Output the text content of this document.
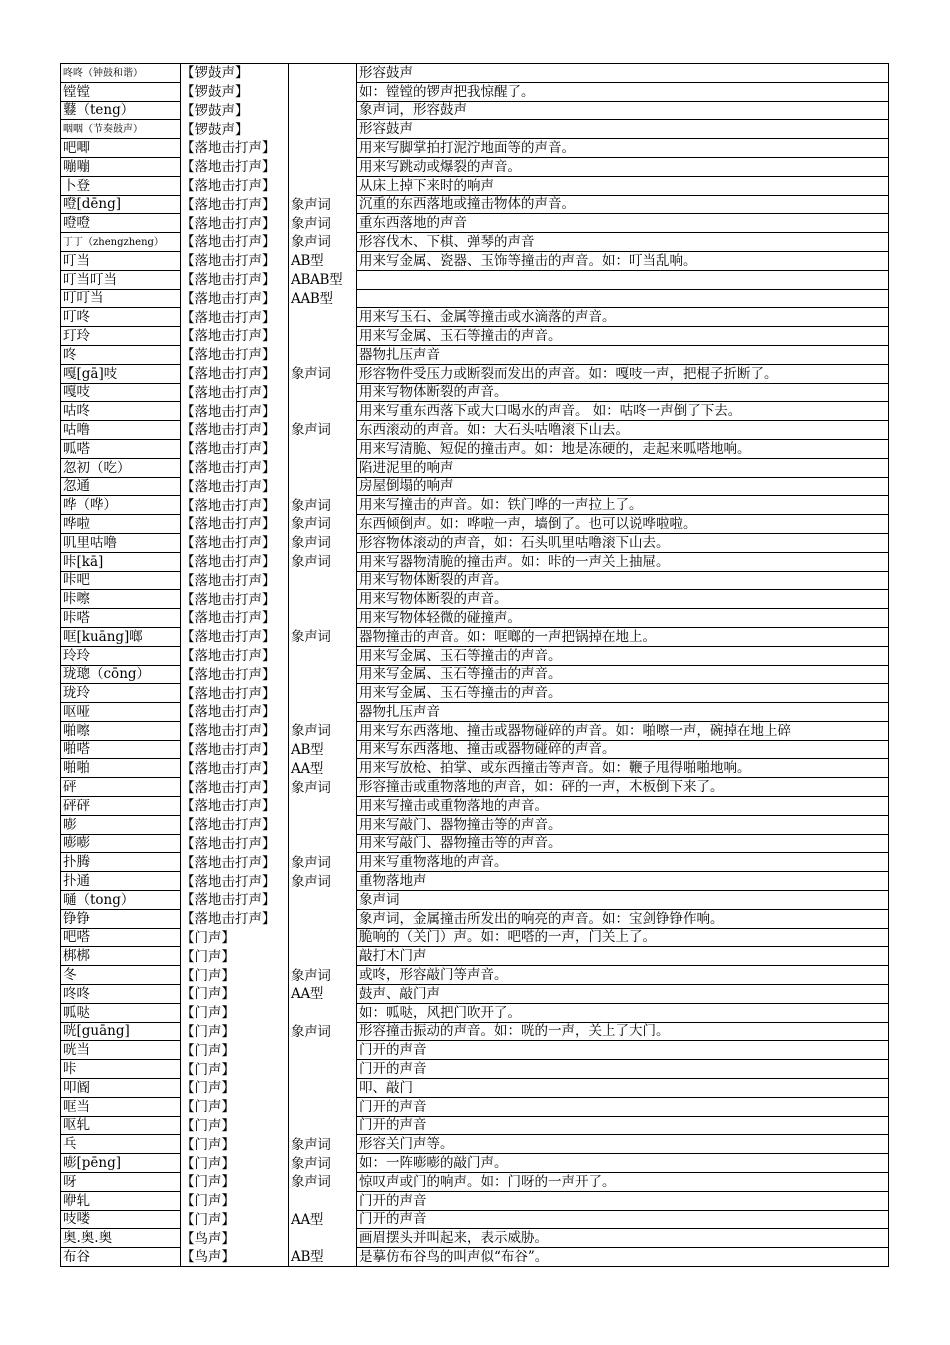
咚咚（钟鼓和谐）	【锣鼓声】		形容鼓声
镗镗	【锣鼓声】		如：镗镗的锣声把我惊醒了。
鼟（teng）	【锣鼓声】		象声词，形容鼓声
咽咽（节奏鼓声）	【锣鼓声】		形容鼓声
吧唧	【落地击打声】		用来写脚掌拍打泥泞地面等的声音。
嘣嘣	【落地击打声】		用来写跳动或爆裂的声音。
卜登	【落地击打声】		从床上掉下来时的响声
噔[dēng]	【落地击打声】	象声词	沉重的东西落地或撞击物体的声音。
噔噔	【落地击打声】	象声词	重东西落地的声音
丁丁（zhengzheng）	【落地击打声】	象声词	形容伐木、下棋、弹琴的声音
叮当	【落地击打声】	AB型	用来写金属、瓷器、玉饰等撞击的声音。如：叮当乱响。
叮当叮当	【落地击打声】	ABAB型	
叮叮当	【落地击打声】	AAB型	
叮咚	【落地击打声】		用来写玉石、金属等撞击或水滴落的声音。
玎玲	【落地击打声】		用来写金属、玉石等撞击的声音。
咚	【落地击打声】		器物扎压声音
嘎[gā]吱	【落地击打声】	象声词	形容物件受压力或断裂而发出的声音。如：嘎吱一声，把棍子折断了。
嘎吱	【落地击打声】		用来写物体断裂的声音。
咕咚	【落地击打声】		用来写重东西落下或大口喝水的声音。 如：咕咚一声倒了下去。
咕噜	【落地击打声】	象声词	东西滚动的声音。如：大石头咕噜滚下山去。
呱嗒	【落地击打声】		用来写清脆、短促的撞击声。如：地是冻硬的，走起来呱嗒地响。
忽初（吃）	【落地击打声】		陷进泥里的响声
忽通	【落地击打声】		房屋倒塌的响声
哗（哗）	【落地击打声】	象声词	用来写撞击的声音。如：铁门哗的一声拉上了。
哗啦	【落地击打声】	象声词	东西倾倒声。如：哗啦一声，墙倒了。也可以说哗啦啦。
叽里咕噜	【落地击打声】	象声词	形容物体滚动的声音，如：石头叽里咕噜滚下山去。
咔[kā]	【落地击打声】	象声词	用来写器物清脆的撞击声。如：咔的一声关上抽屉。
咔吧	【落地击打声】		用来写物体断裂的声音。
咔嚓	【落地击打声】		用来写物体断裂的声音。
咔嗒	【落地击打声】		用来写物体轻微的碰撞声。
哐[kuāng]啷	【落地击打声】	象声词	器物撞击的声音。如：哐啷的一声把锅掉在地上。
玲玲	【落地击打声】		用来写金属、玉石等撞击的声音。
珑璁（cōng）	【落地击打声】		用来写金属、玉石等撞击的声音。
珑玲	【落地击打声】		用来写金属、玉石等撞击的声音。
呕哑	【落地击打声】		器物扎压声音
啪嚓	【落地击打声】	象声词	用来写东西落地、撞击或器物碰碎的声音。如：啪嚓一声，碗掉在地上碎
啪嗒	【落地击打声】	AB型	用来写东西落地、撞击或器物碰碎的声音。
啪啪	【落地击打声】	AA型	用来写放枪、拍掌、或东西撞击等声音。如：鞭子甩得啪啪地响。
砰	【落地击打声】	象声词	形容撞击或重物落地的声音，如：砰的一声，木板倒下来了。
砰砰	【落地击打声】		用来写撞击或重物落地的声音。
嘭	【落地击打声】		用来写敲门、器物撞击等的声音。
嘭嘭	【落地击打声】		用来写敲门、器物撞击等的声音。
扑腾	【落地击打声】	象声词	用来写重物落地的声音。
扑通	【落地击打声】	象声词	重物落地声
嗵（tong）	【落地击打声】		象声词
铮铮	【落地击打声】		象声词，金属撞击所发出的响亮的声音。如：宝剑铮铮作响。
吧嗒	【门声】		脆响的（关门）声。如：吧嗒的一声，门关上了。
梆梆	【门声】		敲打木门声
冬	【门声】	象声词	或咚，形容敲门等声音。
咚咚	【门声】	AA型	鼓声、敲门声
呱哒	【门声】		如：呱哒，风把门吹开了。
咣[guāng]	【门声】	象声词	形容撞击振动的声音。如：咣的一声，关上了大门。
咣当	【门声】		门开的声音
咔	【门声】		门开的声音
叩阍	【门声】		叩、敲门
哐当	【门声】		门开的声音
呕轧	【门声】		门开的声音
乓	【门声】	象声词	形容关门声等。
嘭[pēng]	【门声】	象声词	如：一阵嘭嘭的敲门声。
呀	【门声】	象声词	惊叹声或门的响声。如：门呀的一声开了。
咿轧	【门声】		门开的声音
吱喽	【门声】	AA型	门开的声音
奥.奥.奥	【鸟声】		画眉摆头并叫起来，表示威胁。
布谷	【鸟声】	AB型	是摹仿布谷鸟的叫声似“布谷”。
